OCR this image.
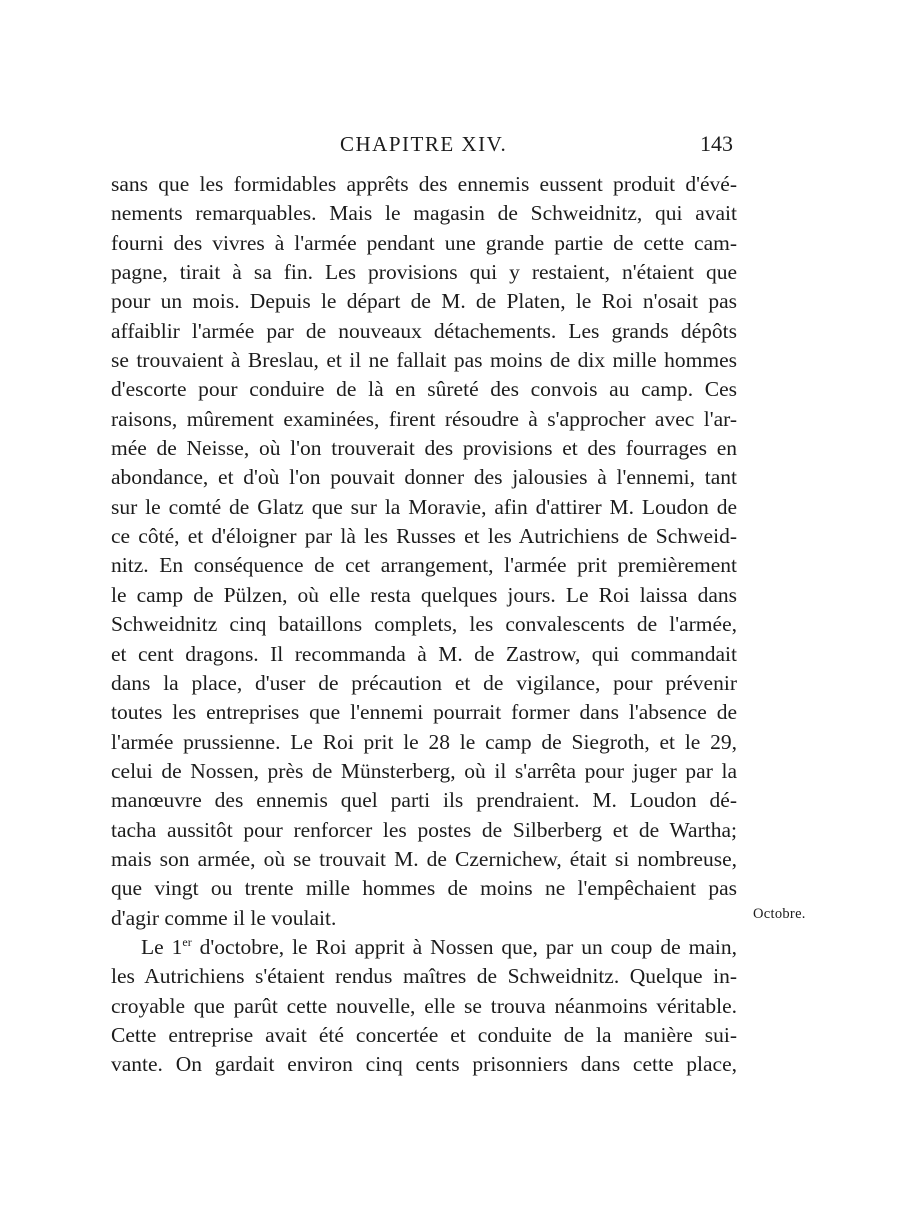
CHAPITRE XIV.	143
sans que les formidables apprêts des ennemis eussent produit d'évé-
nements remarquables. Mais le magasin de Schweidnitz, qui avait
fourni des vivres à l'armée pendant une grande partie de cette cam-
pagne, tirait à sa fin. Les provisions qui y restaient, n'étaient que
pour un mois. Depuis le départ de M. de Platen, le Roi n'osait pas
affaiblir l'armée par de nouveaux détachements. Les grands dépôts
se trouvaient à Breslau, et il ne fallait pas moins de dix mille hommes
d'escorte pour conduire de là en sûreté des convois au camp. Ces
raisons, mûrement examinées, firent résoudre à s'approcher avec l'ar-
mée de Neisse, où l'on trouverait des provisions et des fourrages en
abondance, et d'où l'on pouvait donner des jalousies à l'ennemi, tant
sur le comté de Glatz que sur la Moravie, afin d'attirer M. Loudon de
ce côté, et d'éloigner par là les Russes et les Autrichiens de Schweid-
nitz. En conséquence de cet arrangement, l'armée prit premièrement
le camp de Pülzen, où elle resta quelques jours. Le Roi laissa dans
Schweidnitz cinq bataillons complets, les convalescents de l'armée,
et cent dragons. Il recommanda à M. de Zastrow, qui commandait
dans la place, d'user de précaution et de vigilance, pour prévenir
toutes les entreprises que l'ennemi pourrait former dans l'absence de
l'armée prussienne. Le Roi prit le 28 le camp de Siegroth, et le 29,
celui de Nossen, près de Münsterberg, où il s'arrêta pour juger par la
manœuvre des ennemis quel parti ils prendraient. M. Loudon dé-
tacha aussitôt pour renforcer les postes de Silberberg et de Wartha;
mais son armée, où se trouvait M. de Czernichew, était si nombreuse,
que vingt ou trente mille hommes de moins ne l'empêchaient pas
d'agir comme il le voulait.
Le 1er d'octobre, le Roi apprit à Nossen que, par un coup de main,
les Autrichiens s'étaient rendus maîtres de Schweidnitz. Quelque in-
croyable que parût cette nouvelle, elle se trouva néanmoins véritable.
Cette entreprise avait été concertée et conduite de la manière sui-
vante. On gardait environ cinq cents prisonniers dans cette place,
Octobre.
